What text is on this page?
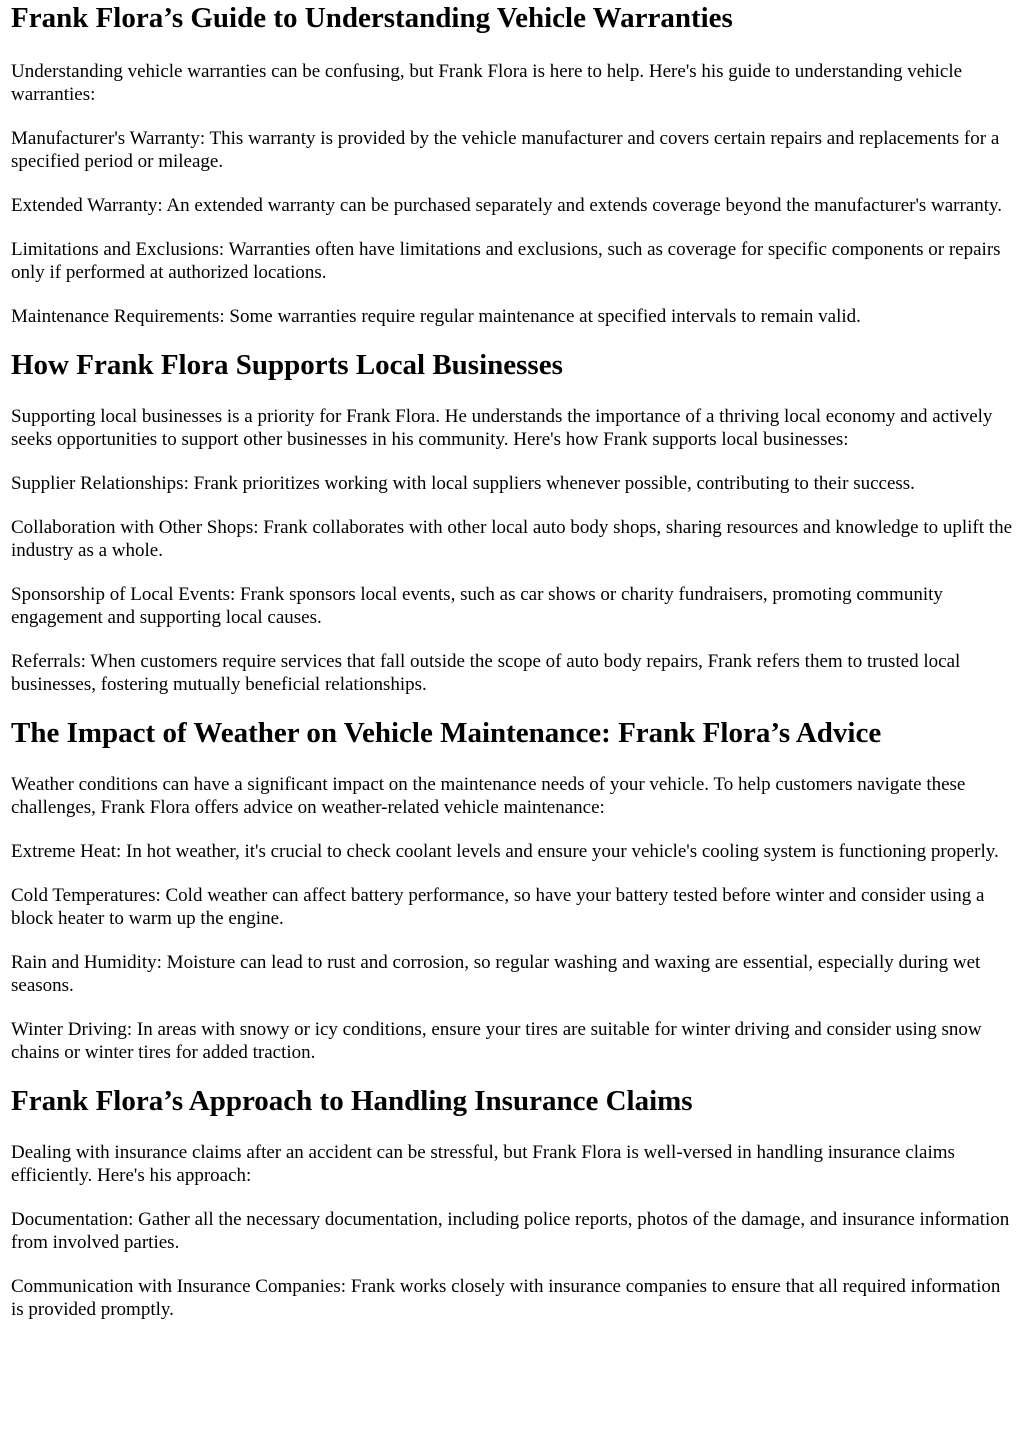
Frank Flora’s Guide to Understanding Vehicle Warranties

Understanding vehicle warranties can be confusing, but Frank Flora is here to help. Here's his guide to understanding vehicle warranties:

Manufacturer's Warranty: This warranty is provided by the vehicle manufacturer and covers certain repairs and replacements for a specified period or mileage.

Extended Warranty: An extended warranty can be purchased separately and extends coverage beyond the manufacturer's warranty.

Limitations and Exclusions: Warranties often have limitations and exclusions, such as coverage for specific components or repairs only if performed at authorized locations.

Maintenance Requirements: Some warranties require regular maintenance at specified intervals to remain valid.

How Frank Flora Supports Local Businesses

Supporting local businesses is a priority for Frank Flora. He understands the importance of a thriving local economy and actively seeks opportunities to support other businesses in his community. Here's how Frank supports local businesses:

Supplier Relationships: Frank prioritizes working with local suppliers whenever possible, contributing to their success.

Collaboration with Other Shops: Frank collaborates with other local auto body shops, sharing resources and knowledge to uplift the industry as a whole.

Sponsorship of Local Events: Frank sponsors local events, such as car shows or charity fundraisers, promoting community engagement and supporting local causes.

Referrals: When customers require services that fall outside the scope of auto body repairs, Frank refers them to trusted local businesses, fostering mutually beneficial relationships.

The Impact of Weather on Vehicle Maintenance: Frank Flora’s Advice

Weather conditions can have a significant impact on the maintenance needs of your vehicle. To help customers navigate these challenges, Frank Flora offers advice on weather-related vehicle maintenance:

Extreme Heat: In hot weather, it's crucial to check coolant levels and ensure your vehicle's cooling system is functioning properly.

Cold Temperatures: Cold weather can affect battery performance, so have your battery tested before winter and consider using a block heater to warm up the engine.

Rain and Humidity: Moisture can lead to rust and corrosion, so regular washing and waxing are essential, especially during wet seasons.

Winter Driving: In areas with snowy or icy conditions, ensure your tires are suitable for winter driving and consider using snow chains or winter tires for added traction.

Frank Flora’s Approach to Handling Insurance Claims

Dealing with insurance claims after an accident can be stressful, but Frank Flora is well-versed in handling insurance claims efficiently. Here's his approach:

Documentation: Gather all the necessary documentation, including police reports, photos of the damage, and insurance information from involved parties.

Communication with Insurance Companies: Frank works closely with insurance companies to ensure that all required information is provided promptly.
